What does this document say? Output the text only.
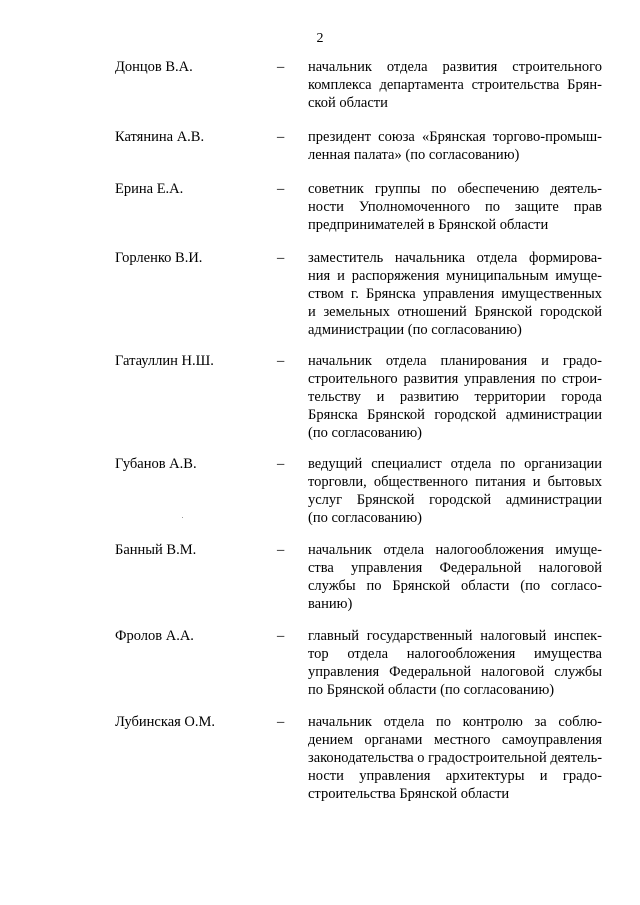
2
Донцов В.А.	– начальник отдела развития строительного
комплекса департамента строительства Брян-
ской области
Катянина А.В.	– президент союза «Брянская торгово-промыш-
ленная палата» (по согласованию)
Ерина Е.А.	– советник группы по обеспечению деятель-
ности Уполномоченного по защите прав
предпринимателей в Брянской области
Горленко В.И.	– заместитель начальника отдела формирова-
ния и распоряжения муниципальным имуще-
ством г. Брянска управления имущественных
и земельных отношений Брянской городской
администрации (по согласованию)
Гатауллин Н.Ш.	– начальник отдела планирования и градо-
строительного развития управления по строи-
тельству и развитию территории города
Брянска Брянской городской администрации
(по согласованию)
Губанов А.В.	– ведущий специалист отдела по организации
торговли, общественного питания и бытовых
услуг Брянской городской администрации
(по согласованию)
Банный В.М.	– начальник отдела налогообложения имуще-
ства управления Федеральной налоговой
службы по Брянской области (по согласо-
ванию)
Фролов А.А.	– главный государственный налоговый инспек-
тор отдела налогообложения имущества
управления Федеральной налоговой службы
по Брянской области (по согласованию)
Лубинская О.М.	– начальник отдела по контролю за соблю-
дением органами местного самоуправления
законодательства о градостроительной деятель-
ности управления архитектуры и градо-
строительства Брянской области
